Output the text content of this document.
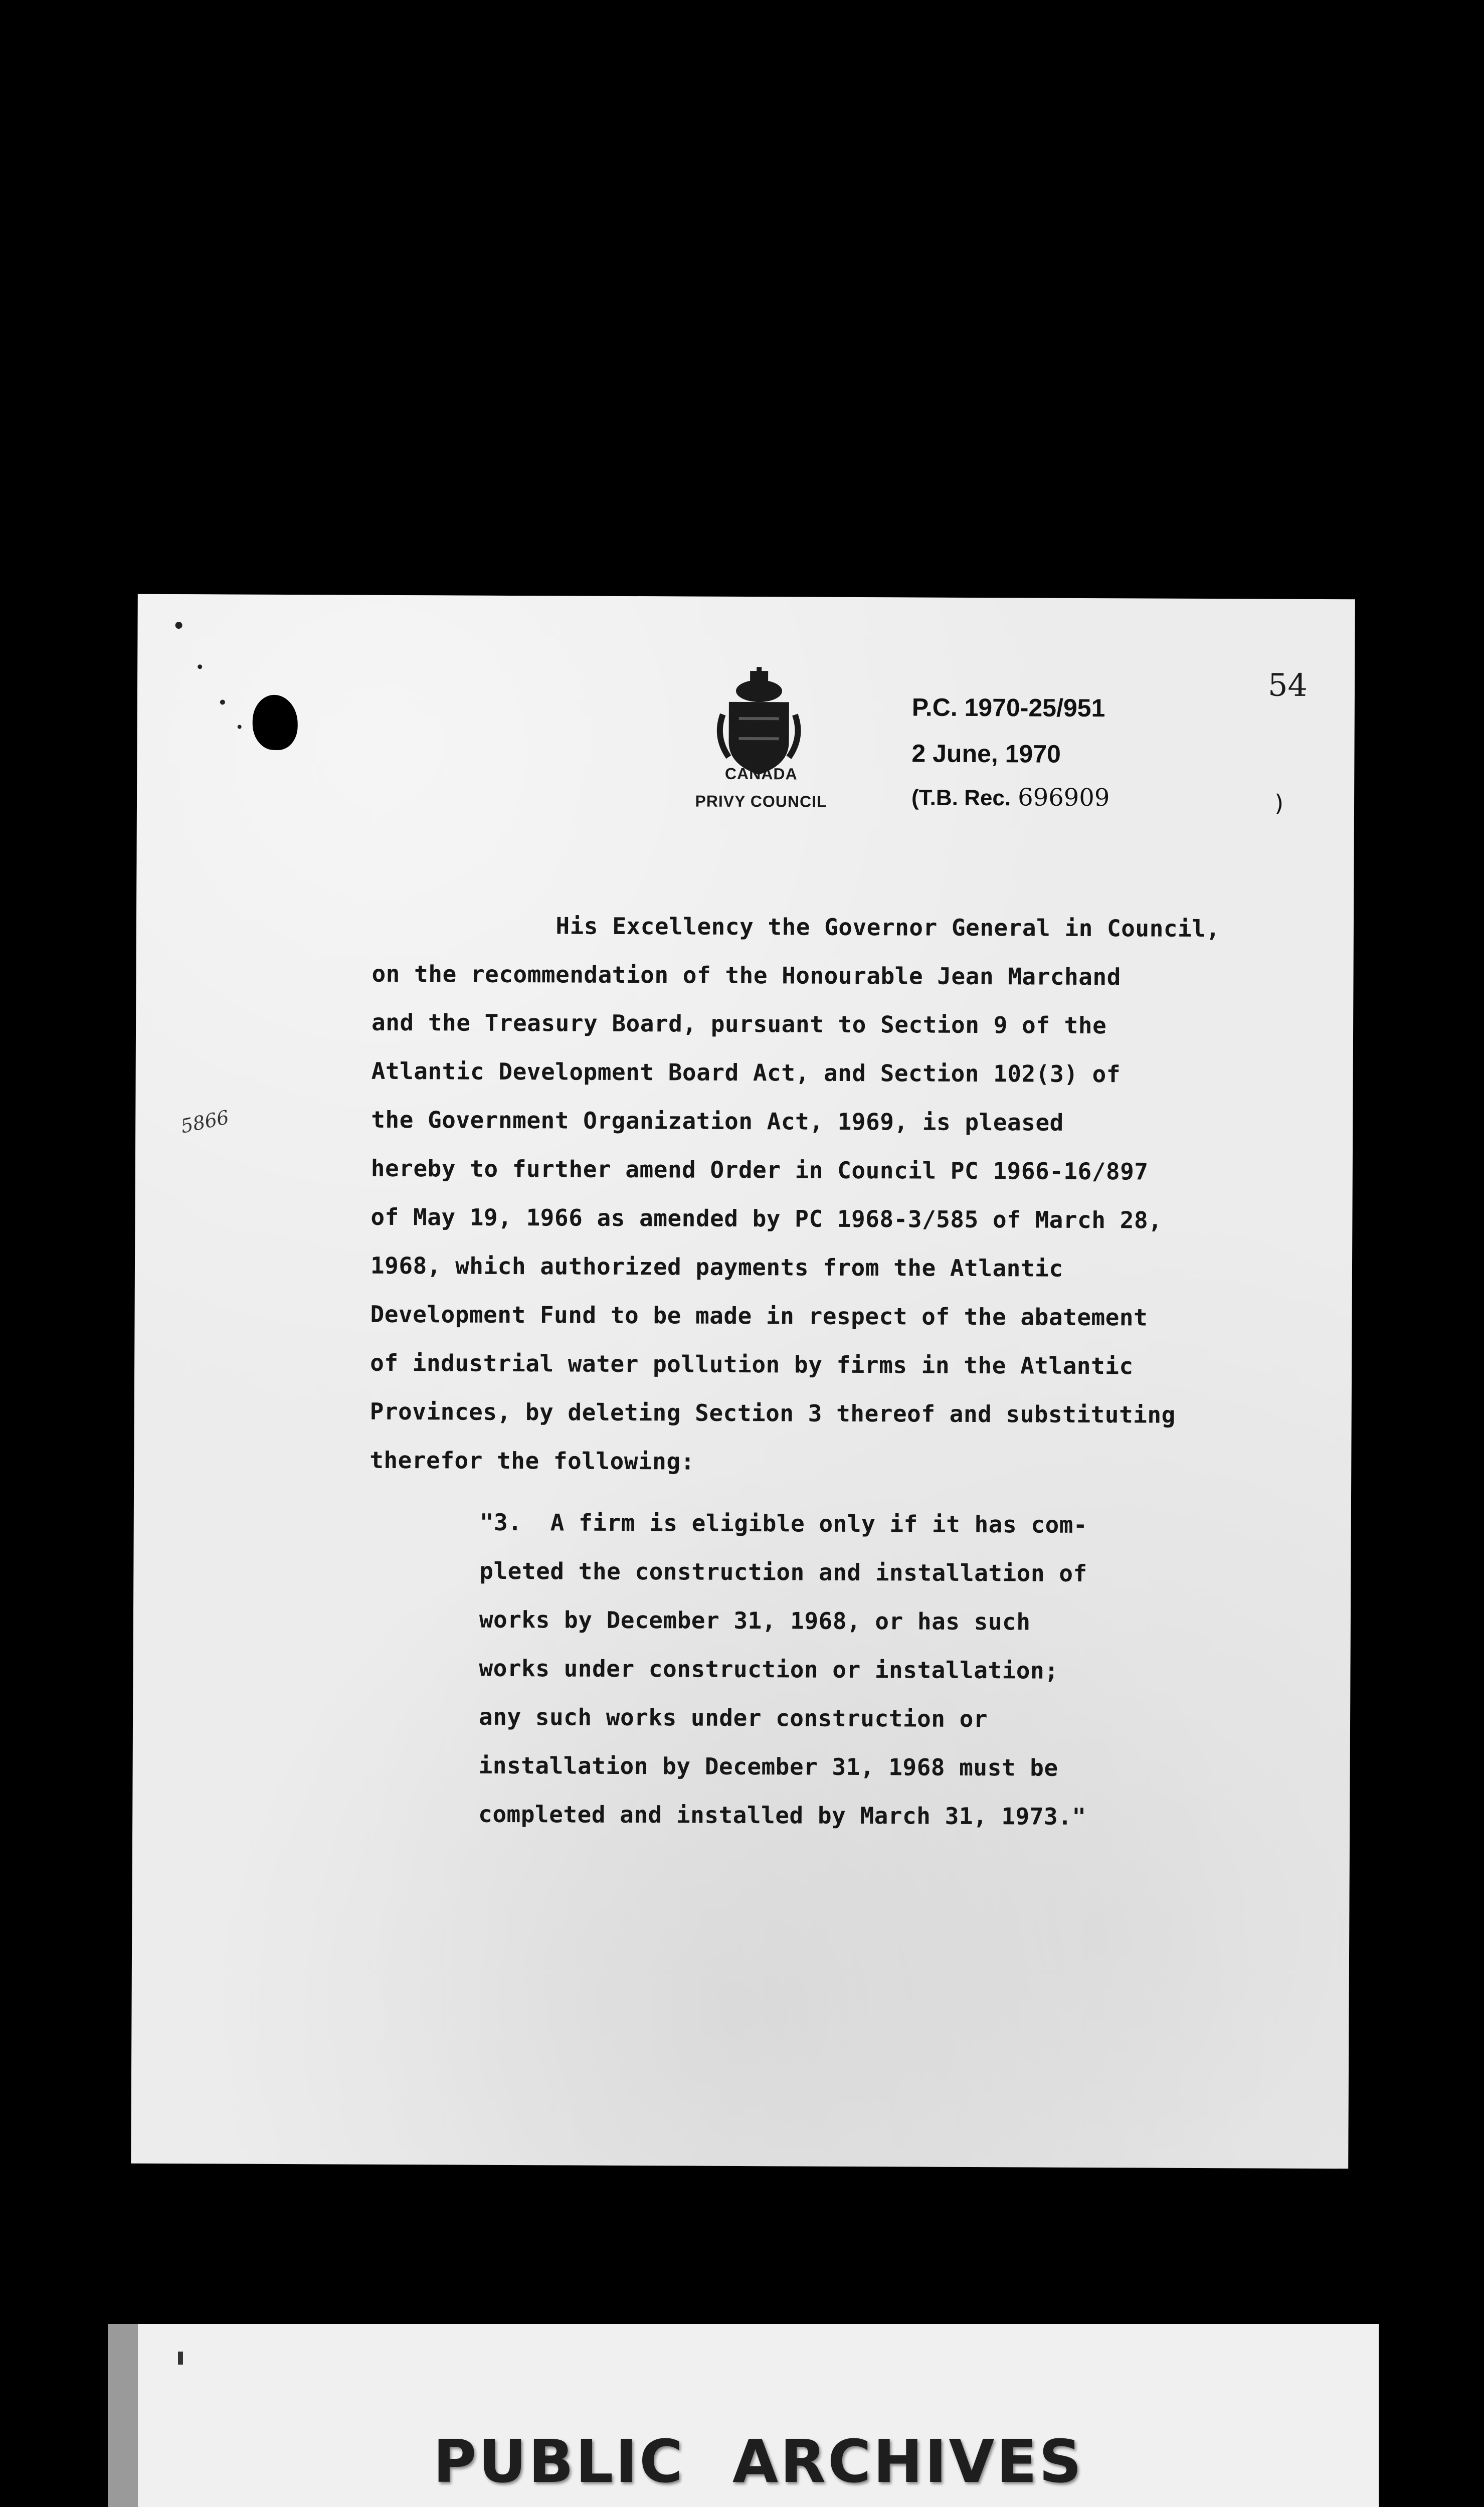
54
CANADA
PRIVY COUNCIL
P.C. 1970-25/951
2 June, 1970
(T.B. Rec. 696909	)
5866
His Excellency the Governor General in Council,
on the recommendation of the Honourable Jean Marchand
and the Treasury Board, pursuant to Section 9 of the
Atlantic Development Board Act, and Section 102(3) of
the Government Organization Act, 1969, is pleased
hereby to further amend Order in Council PC 1966-16/897
of May 19, 1966 as amended by PC 1968-3/585 of March 28,
1968, which authorized payments from the Atlantic
Development Fund to be made in respect of the abatement
of industrial water pollution by firms in the Atlantic
Provinces, by deleting Section 3 thereof and substituting
therefor the following:
"3.  A firm is eligible only if it has com-
pleted the construction and installation of
works by December 31, 1968, or has such
works under construction or installation;
any such works under construction or
installation by December 31, 1968 must be
completed and installed by March 31, 1973."
PUBLIC ARCHIVES
